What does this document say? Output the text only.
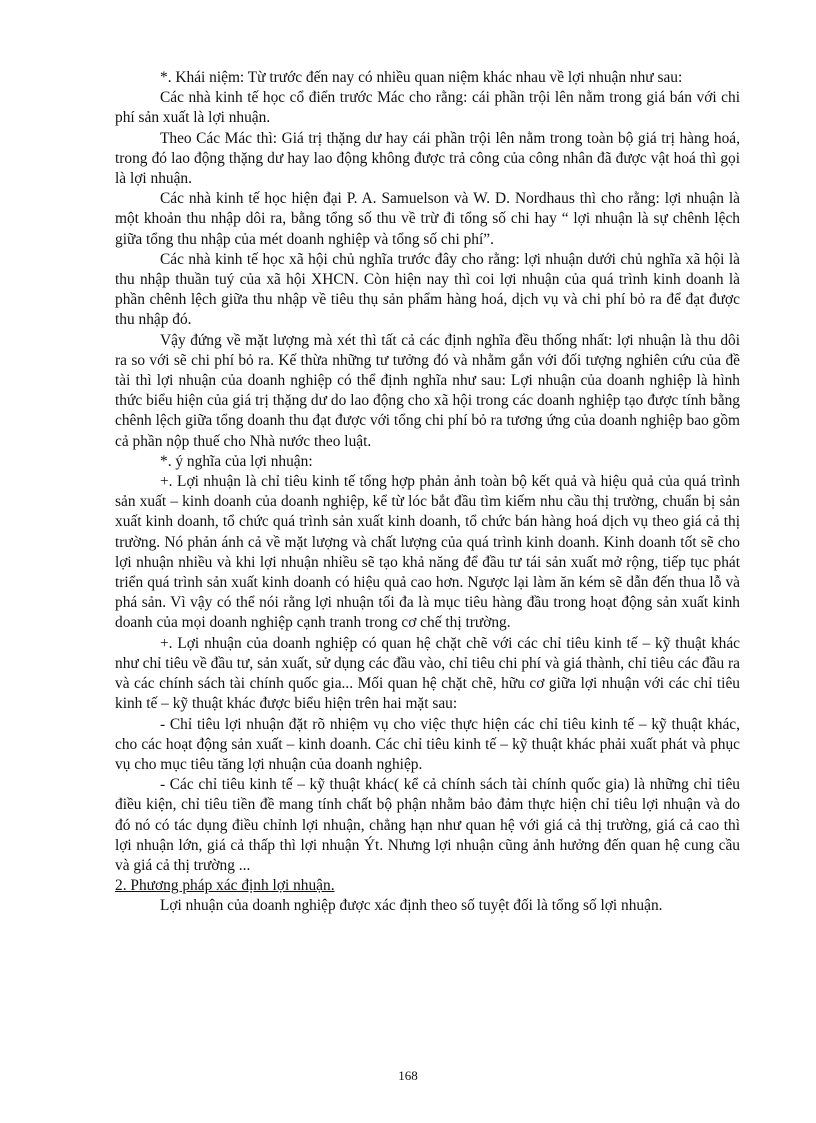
*. Khái niệm: Từ trước đến nay có nhiều quan niệm khác nhau về lợi nhuận như sau:

Các nhà kinh tế học cổ điển trước Mác cho rằng: cái phần trội lên nằm trong giá bán với chi phí sản xuất là lợi nhuận.

Theo Các Mác thì: Giá trị thặng dư hay cái phần trội lên nằm trong toàn bộ giá trị hàng hoá, trong đó lao động thặng dư hay lao động không được trả công của công nhân đã được vật hoá thì gọi là lợi nhuận.

Các nhà kinh tế học hiện đại P. A. Samuelson và W. D. Nordhaus thì cho rằng: lợi nhuận là một khoản thu nhập dôi ra, bằng tổng số thu về trừ đi tổng số chi hay “ lợi nhuận là sự chênh lệch giữa tổng thu nhập của mét doanh nghiệp và tổng số chi phí”.

Các nhà kinh tế học xã hội chủ nghĩa trước đây cho rằng: lợi nhuận dưới chủ nghĩa xã hội là thu nhập thuần tuý của xã hội XHCN. Còn hiện nay thì coi lợi nhuận của quá trình kinh doanh là phần chênh lệch giữa thu nhập về tiêu thụ sản phẩm hàng hoá, dịch vụ và chi phí bỏ ra để đạt được thu nhập đó.

Vậy đứng về mặt lượng mà xét thì tất cả các định nghĩa đều thống nhất: lợi nhuận là thu dôi ra so với sẽ chi phí bỏ ra. Kế thừa những tư tưởng đó và nhằm gắn với đối tượng nghiên cứu của đề tài thì lợi nhuận của doanh nghiệp có thể định nghĩa như sau: Lợi nhuận của doanh nghiệp là hình thức biểu hiện của giá trị thặng dư do lao động cho xã hội trong các doanh nghiệp tạo được tính bằng chênh lệch giữa tổng doanh thu đạt được với tổng chi phí bỏ ra tương ứng của doanh nghiệp bao gồm cả phần nộp thuế cho Nhà nước theo luật.

*. ý nghĩa của lợi nhuận:

+. Lợi nhuận là chỉ tiêu kinh tế tổng hợp phản ảnh toàn bộ kết quả và hiệu quả của quá trình sản xuất – kinh doanh của doanh nghiệp, kể từ lóc bắt đầu tìm kiếm nhu cầu thị trường, chuẩn bị sản xuất kinh doanh, tổ chức quá trình sản xuất kinh doanh, tổ chức bán hàng hoá dịch vụ theo giá cả thị trường. Nó phản ánh cả về mặt lượng và chất lượng của quá trình kinh doanh. Kinh doanh tốt sẽ cho lợi nhuận nhiều và khi lợi nhuận nhiều sẽ tạo khả năng để đầu tư tái sản xuất mở rộng, tiếp tục phát triển quá trình sản xuất kinh doanh có hiệu quả cao hơn. Ngược lại làm ăn kém sẽ dẫn đến thua lỗ và phá sản. Vì vậy có thể nói rằng lợi nhuận tối đa là mục tiêu hàng đầu trong hoạt động sản xuất kinh doanh của mọi doanh nghiệp cạnh tranh trong cơ chế thị trường.

+. Lợi nhuận của doanh nghiệp có quan hệ chặt chẽ với các chỉ tiêu kinh tế – kỹ thuật khác như chỉ tiêu về đầu tư, sản xuất, sử dụng các đầu vào, chỉ tiêu chi phí và giá thành, chỉ tiêu các đầu ra và các chính sách tài chính quốc gia... Mối quan hệ chặt chẽ, hữu cơ giữa lợi nhuận với các chỉ tiêu kinh tế – kỹ thuật khác được biểu hiện trên hai mặt sau:

- Chỉ tiêu lợi nhuận đặt rõ nhiệm vụ cho việc thực hiện các chỉ tiêu kinh tế – kỹ thuật khác, cho các hoạt động sản xuất – kinh doanh. Các chỉ tiêu kinh tế – kỹ thuật khác phải xuất phát và phục vụ cho mục tiêu tăng lợi nhuận của doanh nghiệp.

- Các chỉ tiêu kinh tế – kỹ thuật khác( kể cả chính sách tài chính quốc gia) là những chỉ tiêu điều kiện, chỉ tiêu tiền đề mang tính chất bộ phận nhằm bảo đảm thực hiện chỉ tiêu lợi nhuận và do đó nó có tác dụng điều chỉnh lợi nhuận, chẳng hạn như quan hệ với giá cả thị trường, giá cả cao thì lợi nhuận lớn, giá cả thấp thì lợi nhuận Ýt. Nhưng lợi nhuận cũng ảnh hưởng đến quan hệ cung cầu và giá cả thị trường ...

2. Phương pháp xác định lợi nhuận.

Lợi nhuận của doanh nghiệp được xác định theo số tuyệt đối là tổng số lợi nhuận.

168
